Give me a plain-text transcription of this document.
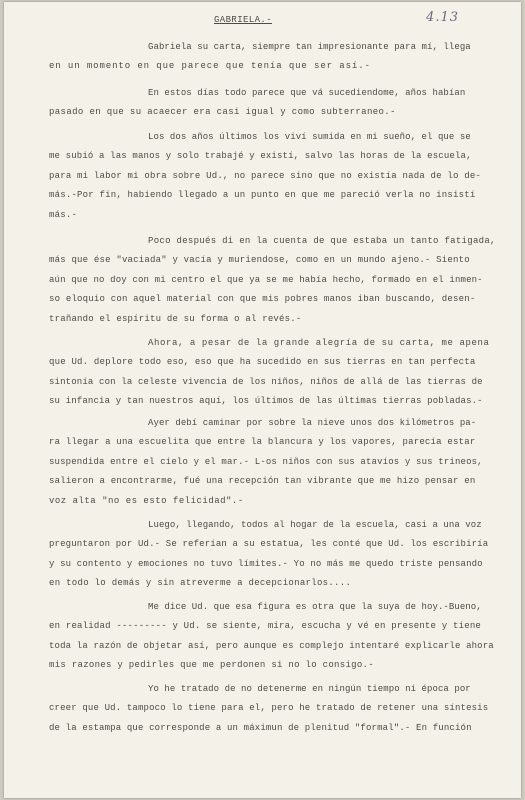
4.13
GABRIELA.-
Gabriela su carta, siempre tan impresionante para mí, llega
en un momento en que parece que tenía que ser así.-
En estos días todo parece que vá sucediendome, años habían
pasado en que su acaecer era casi igual y como subterraneo.-
Los dos años últimos los viví sumida en mi sueño, el que se
me subió a las manos y solo trabajé y existí, salvo las horas de la escuela,
para mi labor mi obra sobre Ud., no parece sino que no existía nada de lo de-
más.-Por fin, habiendo llegado a un punto en que me pareció verla no insistí
más.-
Poco después di en la cuenta de que estaba un tanto fatigada,
más que ése "vaciada" y vacía y muriendose, como en un mundo ajeno.- Siento
aún que no doy con mi centro el que ya se me había hecho, formado en el inmen-
so eloquio con aquel material con que mis pobres manos iban buscando, desen-
trañando el espíritu de su forma o al revés.-
Ahora, a pesar de la grande alegría de su carta, me apena
que Ud. deplore todo eso, eso que ha sucedido en sus tierras en tan perfecta
sintonía con la celeste vivencia de los niños, niños de allá de las tierras de
su infancia y tan nuestros aquí, los últimos de las últimas tierras pobladas.-
Ayer debí caminar por sobre la nieve unos dos kilómetros pa-
ra llegar a una escuelita que entre la blancura y los vapores, parecía estar
suspendida entre el cielo y el mar.- L-os niños con sus atavíos y sus trineos,
salieron a encontrarme, fué una recepción tan vibrante que me hizo pensar en
voz alta "no es esto felicidad".-
Luego, llegando, todos al hogar de la escuela, casi a una voz
preguntaron por Ud.- Se referían a su estatua, les conté que Ud. los escribiría
y su contento y emociones no tuvo límites.- Yo no más me quedo triste pensando
en todo lo demás y sin atreverme a decepcionarlos....
Me dice Ud. que esa figura es otra que la suya de hoy.-Bueno,
en realidad --------- y Ud. se siente, mira, escucha y vé en presente y tiene
toda la razón de objetar así, pero aunque es complejo intentaré explicarle ahora
mis razones y pedirles que me perdonen si no lo consigo.-
Yo he tratado de no detenerme en ningún tiempo ni época por
creer que Ud. tampoco lo tiene para el, pero he tratado de retener una síntesis
de la estampa que corresponde a un máximun de plenitud "formal".- En función
